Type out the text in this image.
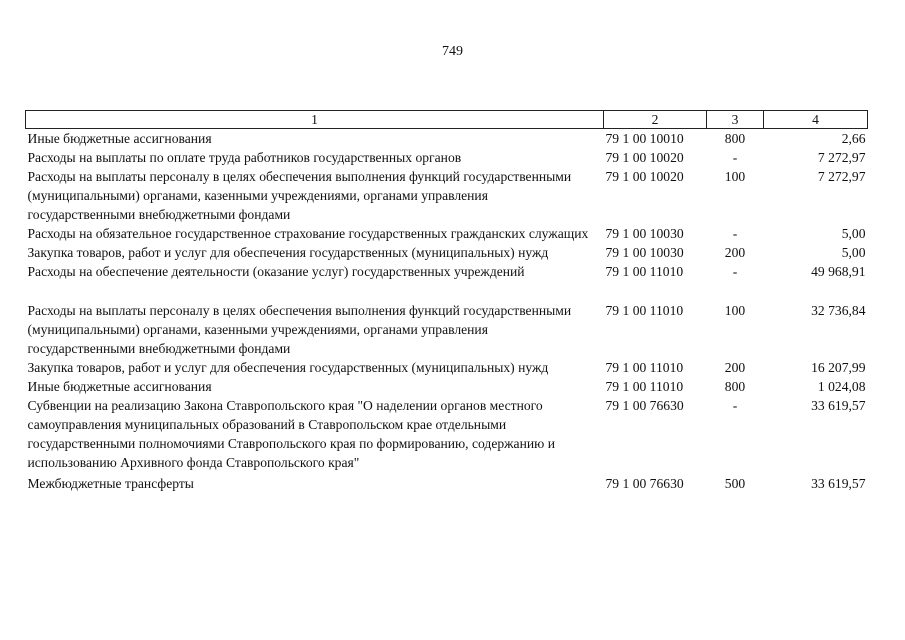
749
1	2	3	4
Иные бюджетные ассигнования	79 1 00 10010	800	2,66
Расходы на выплаты по оплате труда работников государственных органов	79 1 00 10020	-	7 272,97
Расходы на выплаты персоналу в целях обеспечения выполнения функций государственными (муниципальными) органами, казенными учреждениями, органами управления государственными внебюджетными фондами	79 1 00 10020	100	7 272,97
Расходы на обязательное государственное страхование государственных гражданских служащих	79 1 00 10030	-	5,00
Закупка товаров, работ и услуг для обеспечения государственных (муниципальных) нужд	79 1 00 10030	200	5,00
Расходы на обеспечение деятельности (оказание услуг) государственных учреждений	79 1 00 11010	-	49 968,91
Расходы на выплаты персоналу в целях обеспечения выполнения функций государственными (муниципальными) органами, казенными учреждениями, органами управления государственными внебюджетными фондами	79 1 00 11010	100	32 736,84
Закупка товаров, работ и услуг для обеспечения государственных (муниципальных) нужд	79 1 00 11010	200	16 207,99
Иные бюджетные ассигнования	79 1 00 11010	800	1 024,08
Субвенции на реализацию Закона Ставропольского края "О наделении органов местного самоуправления муниципальных образований в Ставропольском крае отдельными государственными полномочиями Ставропольского края по формированию, содержанию и использованию Архивного фонда Ставропольского края"	79 1 00 76630	-	33 619,57
Межбюджетные трансферты	79 1 00 76630	500	33 619,57
